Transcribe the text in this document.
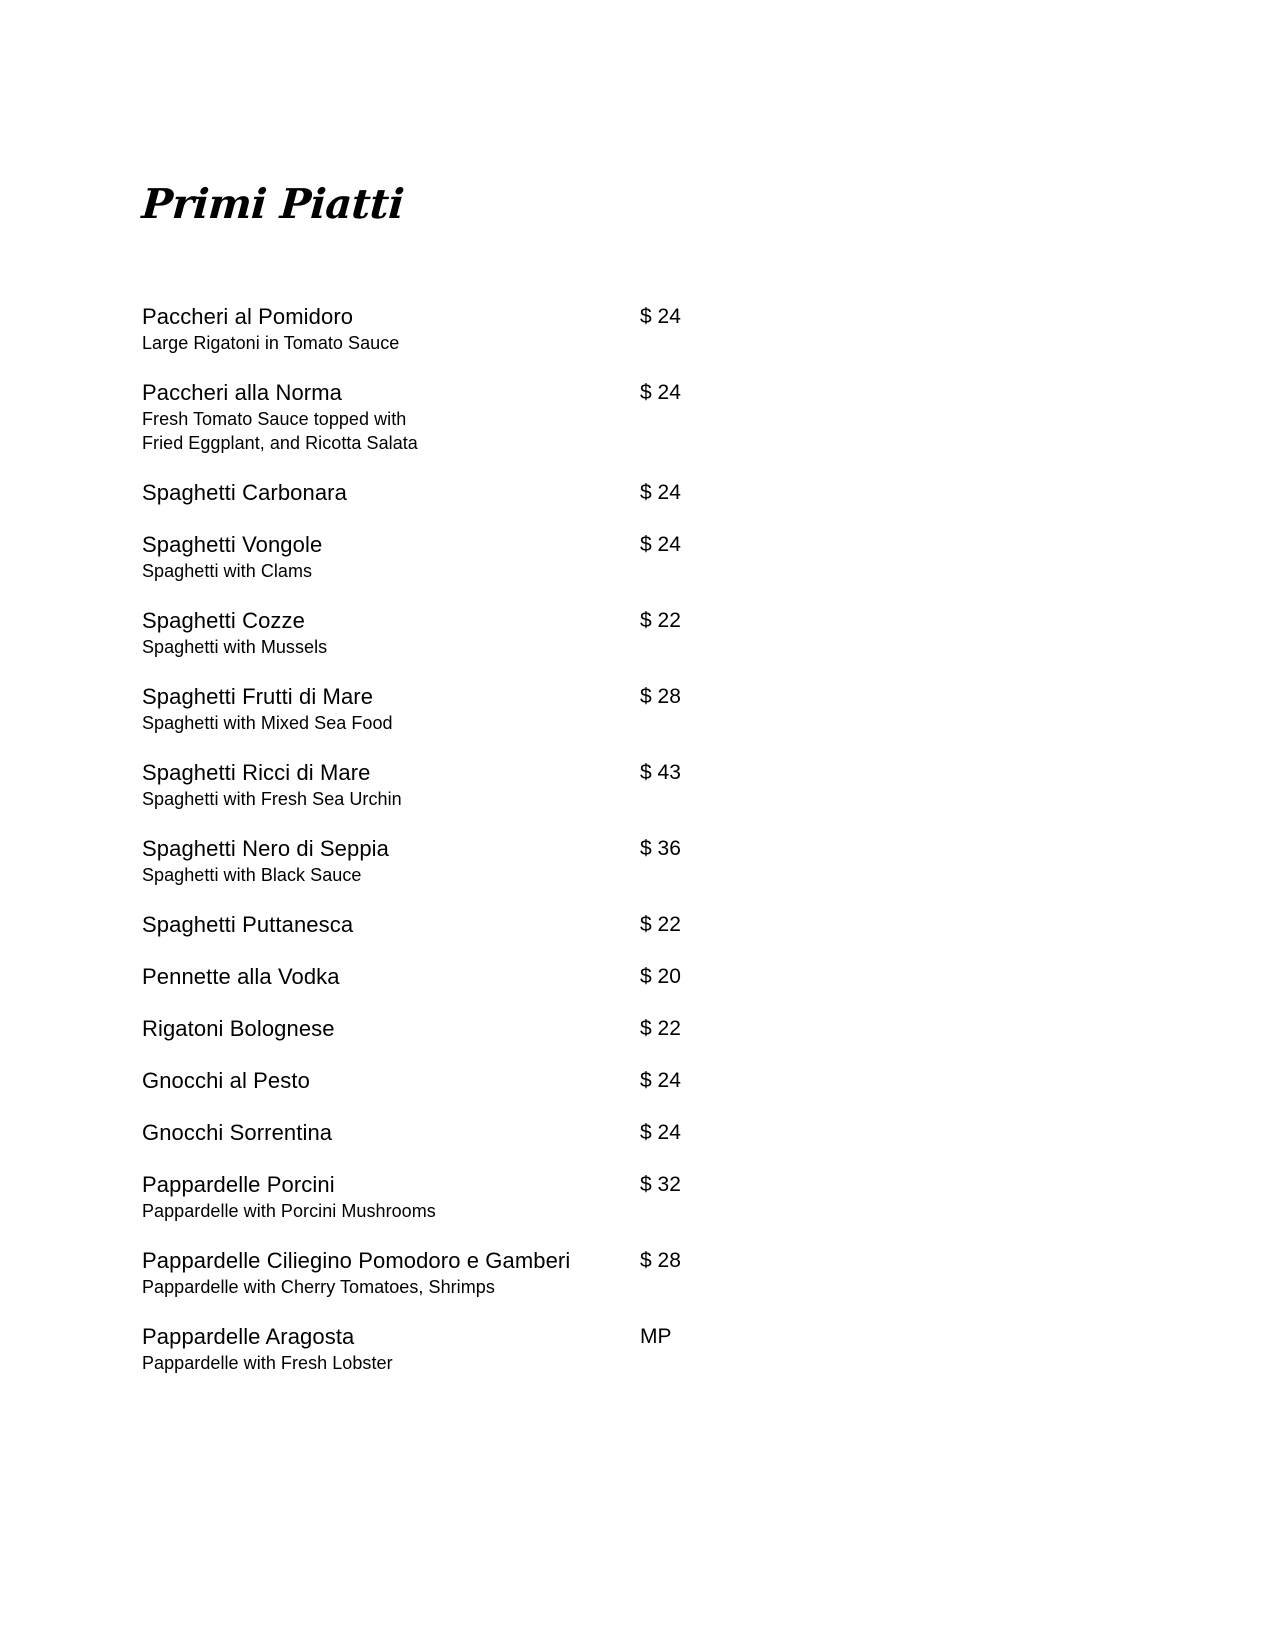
Primi Piatti
Paccheri al Pomidoro	$ 24
Large Rigatoni in Tomato Sauce
Paccheri alla Norma	$ 24
Fresh Tomato Sauce topped with
Fried Eggplant, and Ricotta Salata
Spaghetti Carbonara	$ 24
Spaghetti Vongole	$ 24
Spaghetti with Clams
Spaghetti Cozze	$ 22
Spaghetti with Mussels
Spaghetti Frutti di Mare	$ 28
Spaghetti with Mixed Sea Food
Spaghetti Ricci di Mare	$ 43
Spaghetti with Fresh Sea Urchin
Spaghetti Nero di Seppia	$ 36
Spaghetti with Black Sauce
Spaghetti Puttanesca	$ 22
Pennette alla Vodka	$ 20
Rigatoni Bolognese	$ 22
Gnocchi al Pesto	$ 24
Gnocchi Sorrentina	$ 24
Pappardelle Porcini	$ 32
Pappardelle with Porcini Mushrooms
Pappardelle Ciliegino Pomodoro e Gamberi	$ 28
Pappardelle with Cherry Tomatoes, Shrimps
Pappardelle Aragosta	MP
Pappardelle with Fresh Lobster
